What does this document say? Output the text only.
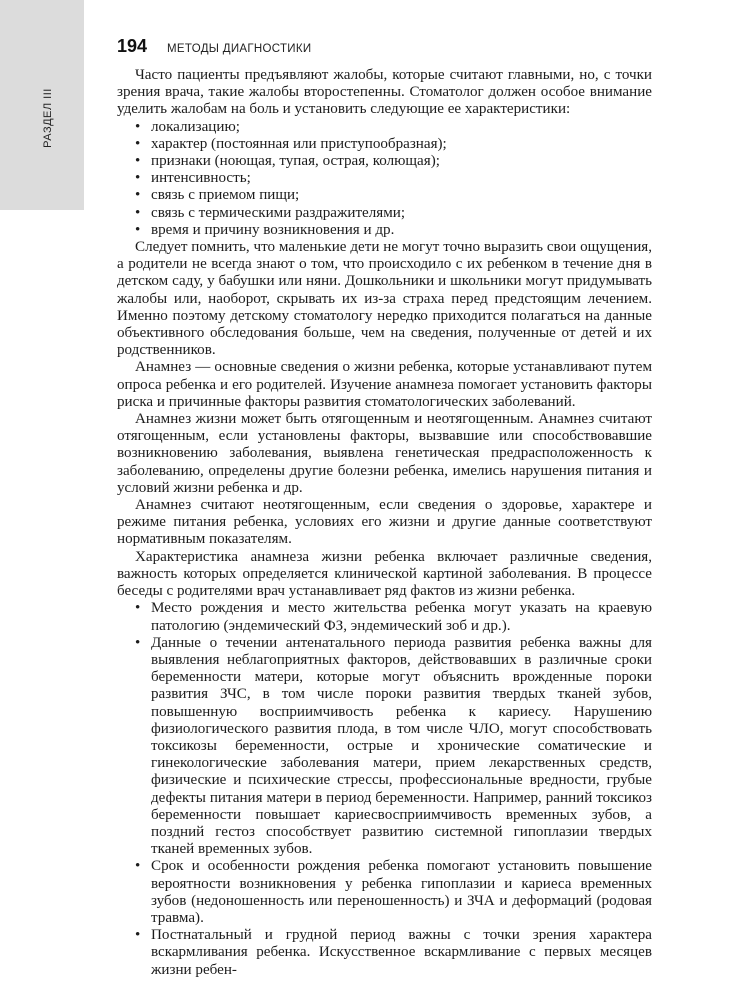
РАЗДЕЛ III
194 МЕТОДЫ ДИАГНОСТИКИ

Часто пациенты предъявляют жалобы, которые считают главными, но, с точки зрения врача, такие жалобы второстепенны. Стоматолог должен особое внимание уделить жалобам на боль и установить следующие ее характеристики:

• локализацию;
• характер (постоянная или приступообразная);
• признаки (ноющая, тупая, острая, колющая);
• интенсивность;
• связь с приемом пищи;
• связь с термическими раздражителями;
• время и причину возникновения и др.

Следует помнить, что маленькие дети не могут точно выразить свои ощущения, а родители не всегда знают о том, что происходило с их ребенком в течение дня в детском саду, у бабушки или няни. Дошкольники и школьники могут придумывать жалобы или, наоборот, скрывать их из-за страха перед предстоящим лечением. Именно поэтому детскому стоматологу нередко приходится полагаться на данные объективного обследования больше, чем на сведения, полученные от детей и их родственников.

Анамнез — основные сведения о жизни ребенка, которые устанавливают путем опроса ребенка и его родителей. Изучение анамнеза помогает установить факторы риска и причинные факторы развития стоматологических заболеваний.

Анамнез жизни может быть отягощенным и неотягощенным. Анамнез считают отягощенным, если установлены факторы, вызвавшие или способствовавшие возникновению заболевания, выявлена генетическая предрасположенность к заболеванию, определены другие болезни ребенка, имелись нарушения питания и условий жизни ребенка и др.

Анамнез считают неотягощенным, если сведения о здоровье, характере и режиме питания ребенка, условиях его жизни и другие данные соответствуют нормативным показателям.

Характеристика анамнеза жизни ребенка включает различные сведения, важность которых определяется клинической картиной заболевания. В процессе беседы с родителями врач устанавливает ряд фактов из жизни ребенка.

• Место рождения и место жительства ребенка могут указать на краевую патологию (эндемический ФЗ, эндемический зоб и др.).
• Данные о течении антенатального периода развития ребенка важны для выявления неблагоприятных факторов, действовавших в различные сроки беременности матери, которые могут объяснить врожденные пороки развития ЗЧС, в том числе пороки развития твердых тканей зубов, повышенную восприимчивость ребенка к кариесу. Нарушению физиологического развития плода, в том числе ЧЛО, могут способствовать токсикозы беременности, острые и хронические соматические и гинекологические заболевания матери, прием лекарственных средств, физические и психические стрессы, профессиональные вредности, грубые дефекты питания матери в период беременности. Например, ранний токсикоз беременности повышает кариесвосприимчивость временных зубов, а поздний гестоз способствует развитию системной гипоплазии твердых тканей временных зубов.
• Срок и особенности рождения ребенка помогают установить повышение вероятности возникновения у ребенка гипоплазии и кариеса временных зубов (недоношенность или переношенность) и ЗЧА и деформаций (родовая травма).
• Постнатальный и грудной период важны с точки зрения характера вскармливания ребенка. Искусственное вскармливание с первых месяцев жизни ребен-
